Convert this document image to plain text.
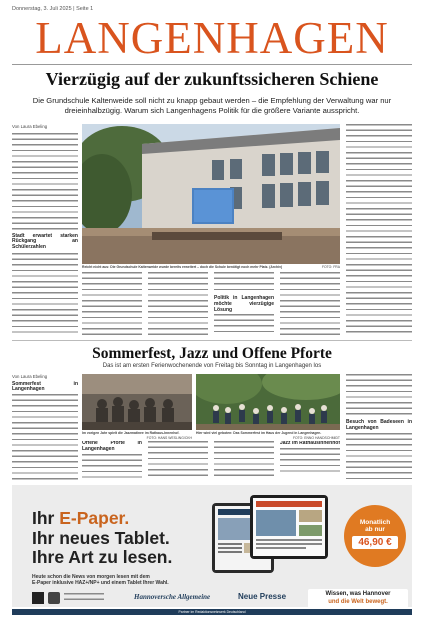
Donnerstag, 3. Juli 2025 | Seite 1
LANGENHAGEN
Vierzügig auf der zukunftssicheren Schiene
Die Grundschule Kaltenweide soll nicht zu knapp gebaut werden – die Empfehlung der Verwaltung war nur dreieinhalbzügig. Warum sich Langenhagens Politik für die größere Variante ausspricht.
Von Laura Ebeling
Stadt erwartet starken Rückgang an Schülerzahlen
Reicht nicht aus: Die Grundschule Kaltenweide wurde bereits erweitert – doch die Schule benötigt noch mehr Platz. (Archiv)	FOTO: FRA
Politik in Langenhagen möchte vierzügige Lösung
Sommerfest, Jazz und Offene Pforte
Das ist am ersten Ferienwochenende von Freitag bis Sonntag in Langenhagen los
Von Laura Ebeling
Sommerfest in Langenhagen
Im vorigen Jahr spielt die Jazzmatinee im Rathaus-Innenhof.
FOTO: HANS WESLING/CKH
Hier wird viel geboten: Das Sommerfest im Haus der Jugend in Langenhagen.
FOTO: ENNO HANDSCHMIDT
Offene Pforte in Langenhagen
Jazz im Rathausinnenhof
Besuch von Badeseen in Langenhagen
Ihr E-Paper.
Ihr neues Tablet.
Ihre Art zu lesen.
Heute schon die News von morgen lesen mit dem
E-Paper inklusive HAZ+/NP+ und einem Tablet Ihrer Wahl.
Monatlich
ab nur
46,90 €
Hannoversche Allgemeine	Neue Presse	Wissen, was Hannover
und die Welt bewegt.
Partner im Redaktionsnetzwerk Deutschland
